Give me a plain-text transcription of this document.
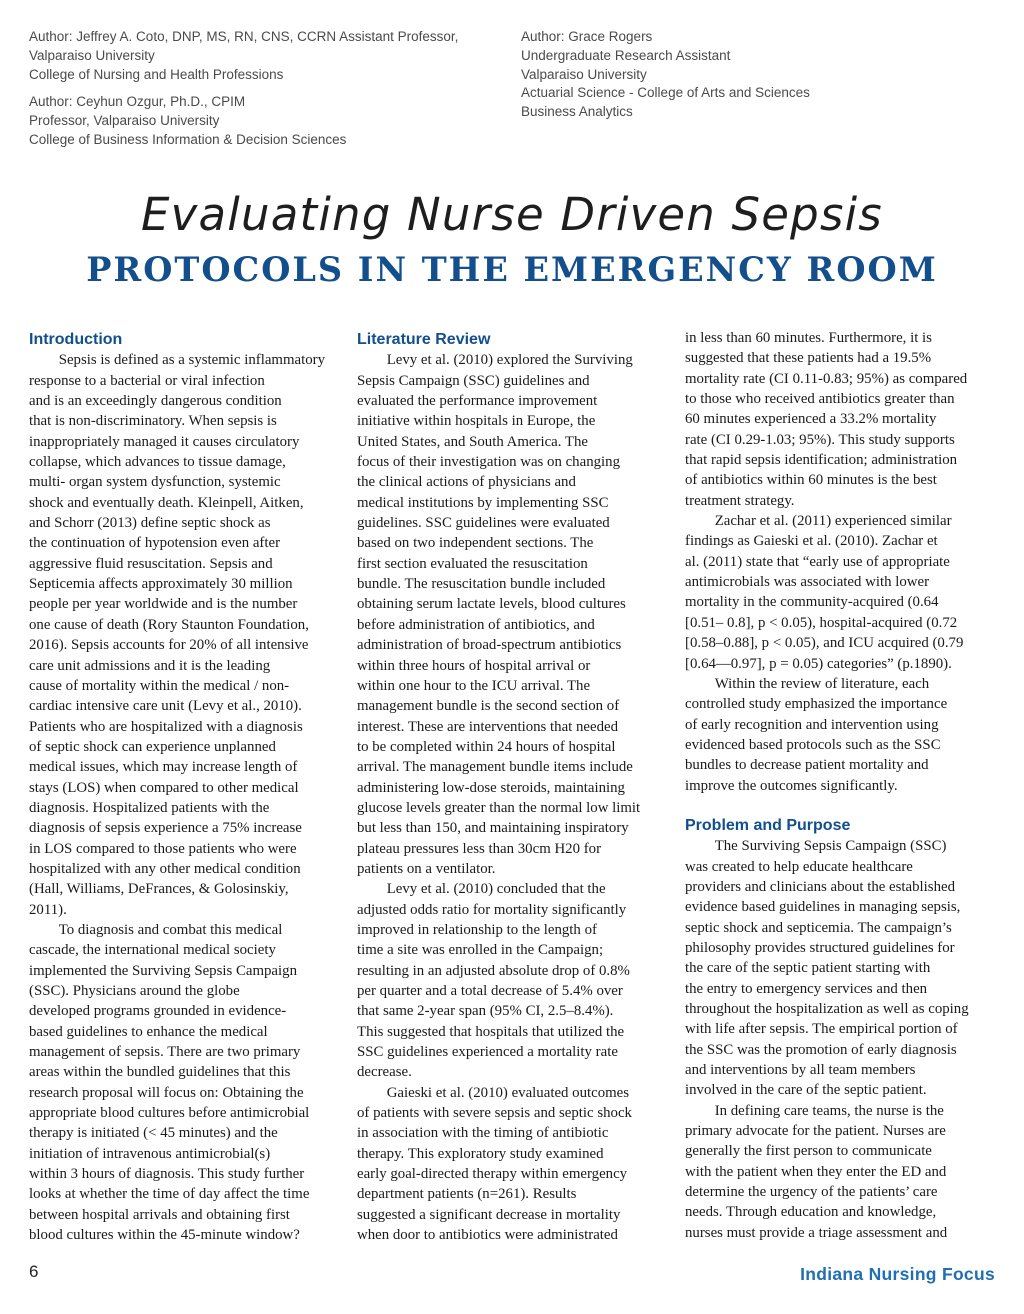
Author: Jeffrey A. Coto, DNP, MS, RN, CNS, CCRN Assistant Professor,
Valparaiso University
College of Nursing and Health Professions
Author: Ceyhun Ozgur, Ph.D., CPIM
Professor, Valparaiso University
College of Business Information & Decision Sciences
Author: Grace Rogers
Undergraduate Research Assistant
Valparaiso University
Actuarial Science - College of Arts and Sciences
Business Analytics
Evaluating Nurse Driven Sepsis
PROTOCOLS IN THE EMERGENCY ROOM
Introduction
  Sepsis is defined as a systemic inflammatory
response to a bacterial or viral infection
and is an exceedingly dangerous condition
that is non-discriminatory. When sepsis is
inappropriately managed it causes circulatory
collapse, which advances to tissue damage,
multi- organ system dysfunction, systemic
shock and eventually death. Kleinpell, Aitken,
and Schorr (2013) define septic shock as
the continuation of hypotension even after
aggressive fluid resuscitation. Sepsis and
Septicemia affects approximately 30 million
people per year worldwide and is the number
one cause of death (Rory Staunton Foundation,
2016). Sepsis accounts for 20% of all intensive
care unit admissions and it is the leading
cause of mortality within the medical / non-
cardiac intensive care unit (Levy et al., 2010).
Patients who are hospitalized with a diagnosis
of septic shock can experience unplanned
medical issues, which may increase length of
stays (LOS) when compared to other medical
diagnosis. Hospitalized patients with the
diagnosis of sepsis experience a 75% increase
in LOS compared to those patients who were
hospitalized with any other medical condition
(Hall, Williams, DeFrances, & Golosinskiy,
2011).
  To diagnosis and combat this medical
cascade, the international medical society
implemented the Surviving Sepsis Campaign
(SSC). Physicians around the globe
developed programs grounded in evidence-
based guidelines to enhance the medical
management of sepsis. There are two primary
areas within the bundled guidelines that this
research proposal will focus on: Obtaining the
appropriate blood cultures before antimicrobial
therapy is initiated (< 45 minutes) and the
initiation of intravenous antimicrobial(s)
within 3 hours of diagnosis. This study further
looks at whether the time of day affect the time
between hospital arrivals and obtaining first
blood cultures within the 45-minute window?
Literature Review
  Levy et al. (2010) explored the Surviving
Sepsis Campaign (SSC) guidelines and
evaluated the performance improvement
initiative within hospitals in Europe, the
United States, and South America. The
focus of their investigation was on changing
the clinical actions of physicians and
medical institutions by implementing SSC
guidelines. SSC guidelines were evaluated
based on two independent sections. The
first section evaluated the resuscitation
bundle. The resuscitation bundle included
obtaining serum lactate levels, blood cultures
before administration of antibiotics, and
administration of broad-spectrum antibiotics
within three hours of hospital arrival or
within one hour to the ICU arrival. The
management bundle is the second section of
interest. These are interventions that needed
to be completed within 24 hours of hospital
arrival. The management bundle items include
administering low-dose steroids, maintaining
glucose levels greater than the normal low limit
but less than 150, and maintaining inspiratory
plateau pressures less than 30cm H20 for
patients on a ventilator.
  Levy et al. (2010) concluded that the
adjusted odds ratio for mortality significantly
improved in relationship to the length of
time a site was enrolled in the Campaign;
resulting in an adjusted absolute drop of 0.8%
per quarter and a total decrease of 5.4% over
that same 2-year span (95% CI, 2.5–8.4%).
This suggested that hospitals that utilized the
SSC guidelines experienced a mortality rate
decrease.
  Gaieski et al. (2010) evaluated outcomes
of patients with severe sepsis and septic shock
in association with the timing of antibiotic
therapy. This exploratory study examined
early goal-directed therapy within emergency
department patients (n=261). Results
suggested a significant decrease in mortality
when door to antibiotics were administrated
in less than 60 minutes. Furthermore, it is
suggested that these patients had a 19.5%
mortality rate (CI 0.11-0.83; 95%) as compared
to those who received antibiotics greater than
60 minutes experienced a 33.2% mortality
rate (CI 0.29-1.03; 95%). This study supports
that rapid sepsis identification; administration
of antibiotics within 60 minutes is the best
treatment strategy.
  Zachar et al. (2011) experienced similar
findings as Gaieski et al. (2010). Zachar et
al. (2011) state that “early use of appropriate
antimicrobials was associated with lower
mortality in the community-acquired (0.64
[0.51– 0.8], p < 0.05), hospital-acquired (0.72
[0.58–0.88], p < 0.05), and ICU acquired (0.79
[0.64—0.97], p = 0.05) categories” (p.1890).
  Within the review of literature, each
controlled study emphasized the importance
of early recognition and intervention using
evidenced based protocols such as the SSC
bundles to decrease patient mortality and
improve the outcomes significantly.
Problem and Purpose
  The Surviving Sepsis Campaign (SSC)
was created to help educate healthcare
providers and clinicians about the established
evidence based guidelines in managing sepsis,
septic shock and septicemia. The campaign’s
philosophy provides structured guidelines for
the care of the septic patient starting with
the entry to emergency services and then
throughout the hospitalization as well as coping
with life after sepsis. The empirical portion of
the SSC was the promotion of early diagnosis
and interventions by all team members
involved in the care of the septic patient.
  In defining care teams, the nurse is the
primary advocate for the patient. Nurses are
generally the first person to communicate
with the patient when they enter the ED and
determine the urgency of the patients’ care
needs. Through education and knowledge,
nurses must provide a triage assessment and
6	Indiana Nursing Focus
